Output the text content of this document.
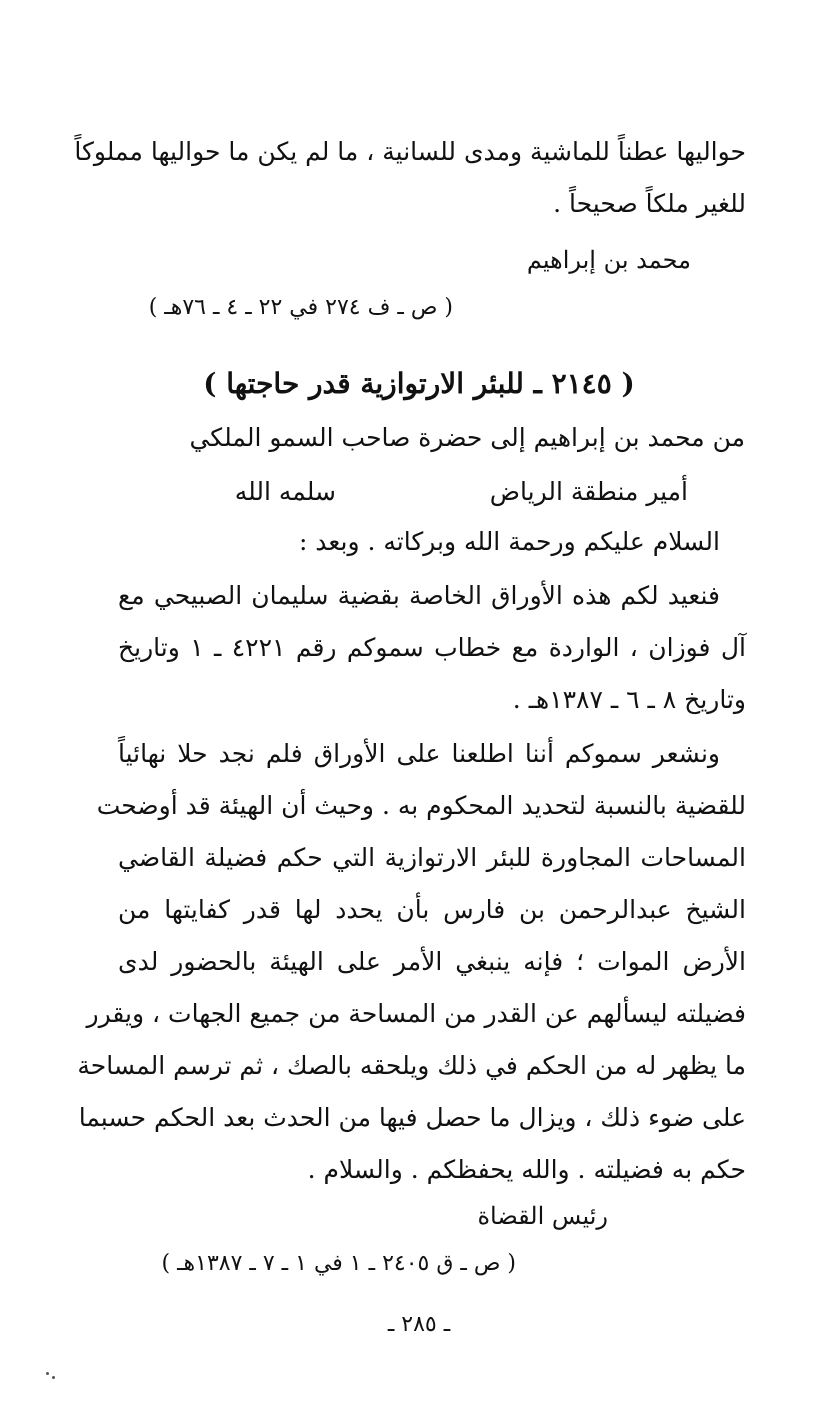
حواليها عطناً للماشية ومدى للسانية ، ما لم يكن ما حواليها مملوكاً

للغير ملكاً صحيحاً .

محمد بن إبراهيم

( ص ـ ف ٢٧٤ في ٢٢ ـ ٤ ـ ٧٦هـ )

( ٢١٤٥ ـ للبئر الارتوازية قدر حاجتها )

من محمد بن إبراهيم إلى حضرة صاحب السمو الملكي

أمير منطقة الرياض

سلمه الله

السلام عليكم ورحمة الله وبركاته . وبعد :

فنعيد لكم هذه الأوراق الخاصة بقضية سليمان الصبيحي مع

آل فوزان ، الواردة مع خطاب سموكم رقم ٤٢٢١ ـ ١ وتاريخ

وتاريخ ٨ ـ ٦ ـ ١٣٨٧هـ .

ونشعر سموكم أننا اطلعنا على الأوراق فلم نجد حلا نهائياً

للقضية بالنسبة لتحديد المحكوم به . وحيث أن الهيئة قد أوضحت

المساحات المجاورة للبئر الارتوازية التي حكم فضيلة القاضي

الشيخ عبدالرحمن بن فارس بأن يحدد لها قدر كفايتها من

الأرض الموات ؛ فإنه ينبغي الأمر على الهيئة بالحضور لدى

فضيلته ليسألهم عن القدر من المساحة من جميع الجهات ، ويقرر

ما يظهر له من الحكم في ذلك ويلحقه بالصك ، ثم ترسم المساحة

على ضوء ذلك ، ويزال ما حصل فيها من الحدث بعد الحكم حسبما

حكم به فضيلته . والله يحفظكم . والسلام .

رئيس القضاة

( ص ـ ق ٢٤٠٥ ـ ١ في ١ ـ ٧ ـ ١٣٨٧هـ )

ـ ٢٨٥ ـ
